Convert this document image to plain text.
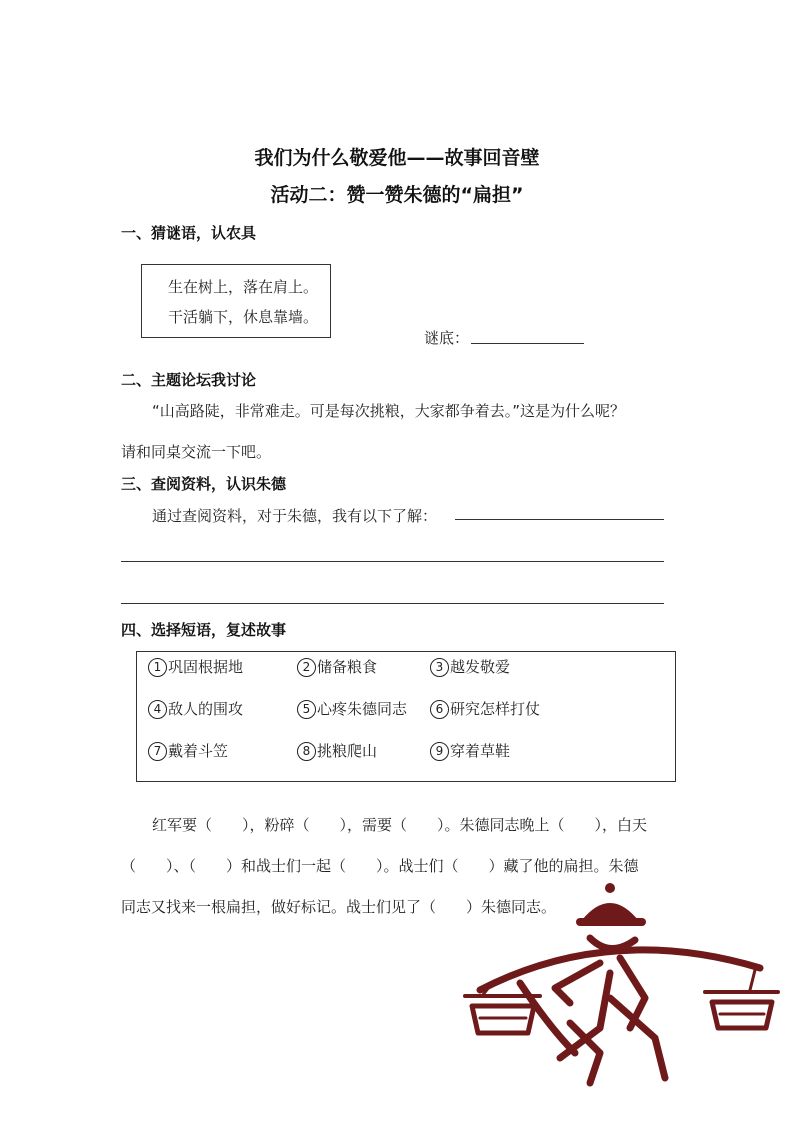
我们为什么敬爱他——故事回音壁
活动二：赞一赞朱德的“扁担”
一、猜谜语，认农具
生在树上，落在肩上。
干活躺下，休息靠墙。
谜底：
二、主题论坛我讨论
“山高路陡，非常难走。可是每次挑粮，大家都争着去。”这是为什么呢？
请和同桌交流一下吧。
三、查阅资料，认识朱德
通过查阅资料，对于朱德，我有以下了解：
四、选择短语，复述故事
1 巩固根据地	2 储备粮食	3 越发敬爱
4 敌人的围攻	5 心疼朱德同志	6 研究怎样打仗
7 戴着斗笠	8 挑粮爬山	9 穿着草鞋
红军要（　　），粉碎（　　），需要（　　）。朱德同志晚上（　　），白天
（　　）、（　　）和战士们一起（　　）。战士们（　　）藏了他的扁担。朱德
同志又找来一根扁担，做好标记。战士们见了（　　）朱德同志。
